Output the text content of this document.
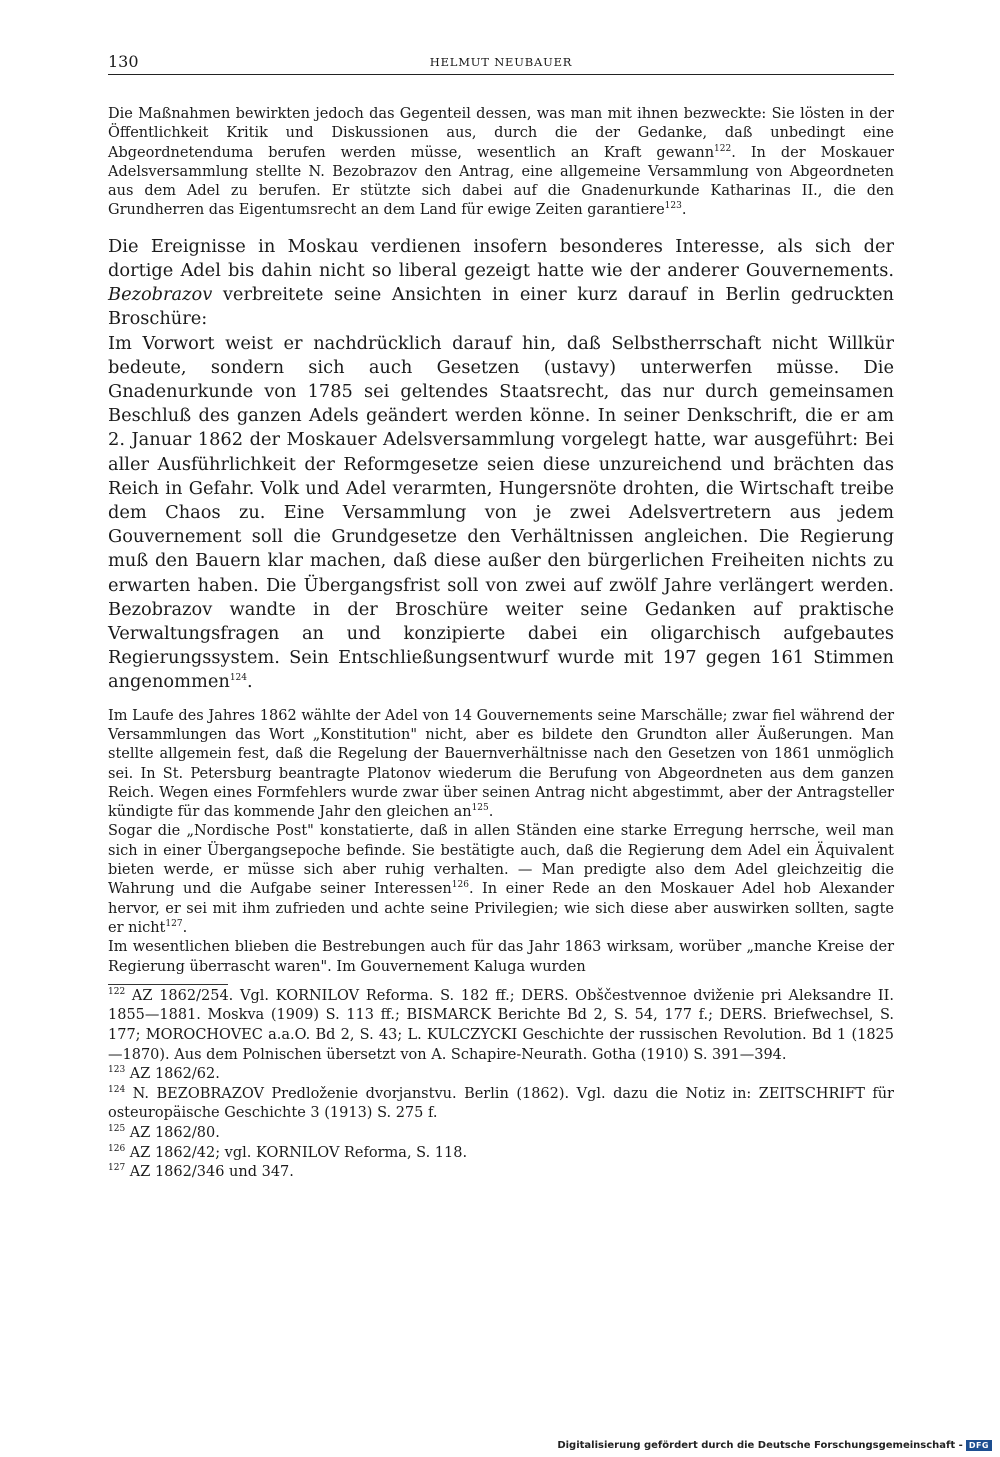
130	HELMUT NEUBAUER

Die Maßnahmen bewirkten jedoch das Gegenteil dessen, was man mit ihnen bezweckte: Sie lösten in der Öffentlichkeit Kritik und Diskussionen aus, durch die der Gedanke, daß unbedingt eine Abgeordnetenduma berufen werden müsse, wesentlich an Kraft gewann$^{122}$. In der Moskauer Adelsversammlung stellte N. Bezobrazov den Antrag, eine allgemeine Versammlung von Abgeordneten aus dem Adel zu berufen. Er stützte sich dabei auf die Gnadenurkunde Katharinas II., die den Grundherren das Eigentumsrecht an dem Land für ewige Zeiten garantiere$^{123}$.

Die Ereignisse in Moskau verdienen insofern besonderes Interesse, als sich der dortige Adel bis dahin nicht so liberal gezeigt hatte wie der anderer Gouvernements. Bezobrazov verbreitete seine Ansichten in einer kurz darauf in Berlin gedruckten Broschüre:
Im Vorwort weist er nachdrücklich darauf hin, daß Selbstherrschaft nicht Willkür bedeute, sondern sich auch Gesetzen (ustavy) unterwerfen müsse. Die Gnadenurkunde von 1785 sei geltendes Staatsrecht, das nur durch gemeinsamen Beschluß des ganzen Adels geändert werden könne. In seiner Denkschrift, die er am 2. Januar 1862 der Moskauer Adelsversammlung vorgelegt hatte, war ausgeführt: Bei aller Ausführlichkeit der Reformgesetze seien diese unzureichend und brächten das Reich in Gefahr. Volk und Adel verarmten, Hungersnöte drohten, die Wirtschaft treibe dem Chaos zu. Eine Versammlung von je zwei Adelsvertretern aus jedem Gouvernement soll die Grundgesetze den Verhältnissen angleichen. Die Regierung muß den Bauern klar machen, daß diese außer den bürgerlichen Freiheiten nichts zu erwarten haben. Die Übergangsfrist soll von zwei auf zwölf Jahre verlängert werden. Bezobrazov wandte in der Broschüre weiter seine Gedanken auf praktische Verwaltungsfragen an und konzipierte dabei ein oligarchisch aufgebautes Regierungssystem. Sein Entschließungsentwurf wurde mit 197 gegen 161 Stimmen angenommen$^{124}$.

Im Laufe des Jahres 1862 wählte der Adel von 14 Gouvernements seine Marschälle; zwar fiel während der Versammlungen das Wort „Konstitution" nicht, aber es bildete den Grundton aller Äußerungen. Man stellte allgemein fest, daß die Regelung der Bauernverhältnisse nach den Gesetzen von 1861 unmöglich sei. In St. Petersburg beantragte Platonov wiederum die Berufung von Abgeordneten aus dem ganzen Reich. Wegen eines Formfehlers wurde zwar über seinen Antrag nicht abgestimmt, aber der Antragsteller kündigte für das kommende Jahr den gleichen $an^{125}$.
Sogar die „Nordische Post" konstatierte, daß in allen Ständen eine starke Erregung herrsche, weil man sich in einer Übergangsepoche befinde. Sie bestätigte auch, daß die Regierung dem Adel ein Äquivalent bieten werde, er müsse sich aber ruhig verhalten. — Man predigte also dem Adel gleichzeitig die Wahrung und die Aufgabe seiner Interessen$^{126}$. In einer Rede an den Moskauer Adel hob Alexander hervor, er sei mit ihm zufrieden und achte seine Privilegien; wie sich diese aber auswirken sollten, sagte er nicht$^{127}$.
Im wesentlichen blieben die Bestrebungen auch für das Jahr 1863 wirksam, worüber „manche Kreise der Regierung überrascht waren". Im Gouvernement Kaluga wurden

$^{122}$ AZ 1862/254. Vgl. KORNILOV Reforma. S. 182 ff.; DERS. Obščestvennoe dviženie pri Aleksandre II. 1855—1881. Moskva (1909) S. 113 ff.; BISMARCK Berichte Bd 2, S. 54, 177 f.; DERS. Briefwechsel, S. 177; MOROCHOVEC a.a.O. Bd 2, S. 43; L. KULCZYCKI Geschichte der russischen Revolution. Bd 1 (1825—1870). Aus dem Polnischen übersetzt von A. Schapire-Neurath. Gotha (1910) S. 391—394.
$^{123}$ AZ 1862/62.
$^{124}$ N. BEZOBRAZOV Predloženie dvorjanstvu. Berlin (1862). Vgl. dazu die Notiz in: ZEITSCHRIFT für osteuropäische Geschichte 3 (1913) S. 275 f.
$^{125}$ AZ 1862/80.
$^{126}$ AZ 1862/42; vgl. KORNILOV Reforma, S. 118.
$^{127}$ AZ 1862/346 und 347.
Digitalisierung gefördert durch die Deutsche Forschungsgemeinschaft - DFG
